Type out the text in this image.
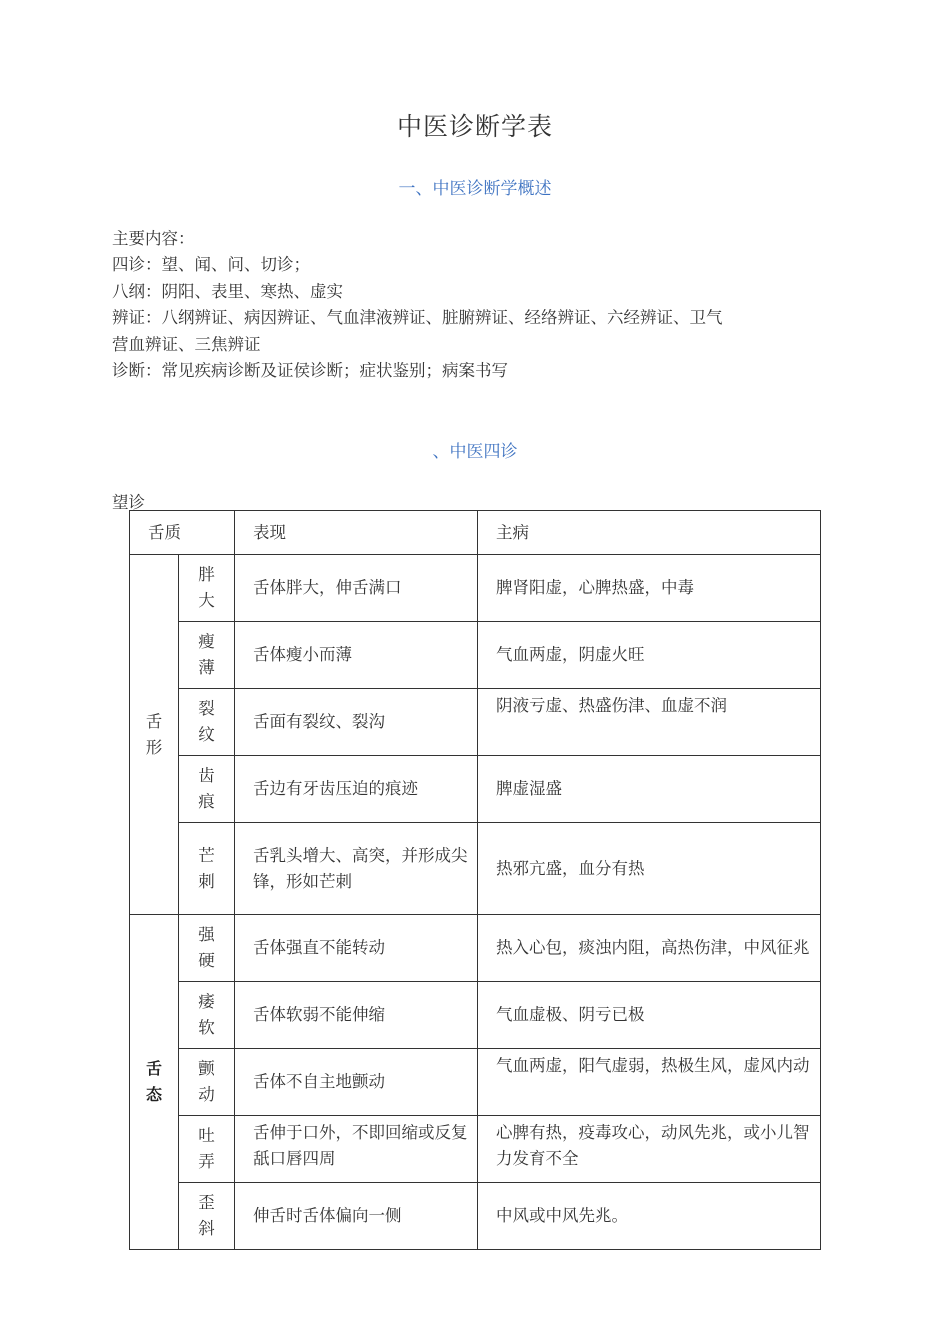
中医诊断学表
一、中医诊断学概述
主要内容：
四诊：望、闻、问、切诊；
八纲：阴阳、表里、寒热、虚实
辨证：八纲辨证、病因辨证、气血津液辨证、脏腑辨证、经络辨证、六经辨证、卫气
营血辨证、三焦辨证
诊断：常见疾病诊断及证侯诊断；症状鉴别；病案书写
、中医四诊
望诊
舌质		表现	主病
舌形	胖大	舌体胖大，伸舌满口	脾肾阳虚，心脾热盛，中毒
	瘦薄	舌体瘦小而薄	气血两虚，阴虚火旺
	裂纹	舌面有裂纹、裂沟	阴液亏虚、热盛伤津、血虚不润
	齿痕	舌边有牙齿压迫的痕迹	脾虚湿盛
	芒刺	舌乳头增大、高突，并形成尖锋，形如芒刺	热邪亢盛，血分有热
舌态	强硬	舌体强直不能转动	热入心包，痰浊内阻，高热伤津，中风征兆
	痿软	舌体软弱不能伸缩	气血虚极、阴亏已极
	颤动	舌体不自主地颤动	气血两虚，阳气虚弱，热极生风，虚风内动
	吐弄	舌伸于口外，不即回缩或反复舐口唇四周	心脾有热，疫毒攻心，动风先兆，或小儿智力发育不全
	歪斜	伸舌时舌体偏向一侧	中风或中风先兆。
